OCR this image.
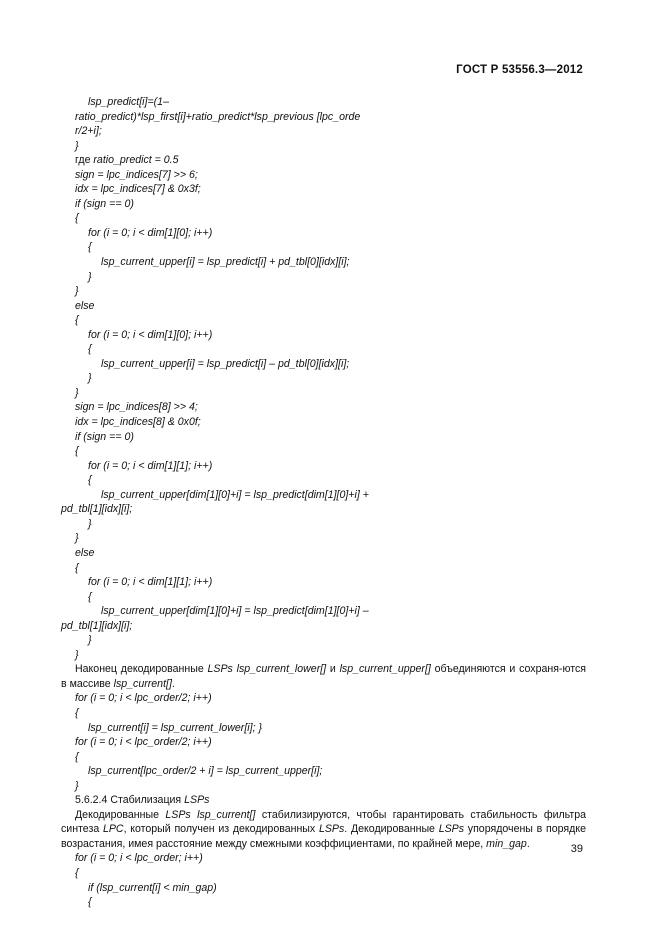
ГОСТ Р 53556.3—2012
lsp_predict[i]=(1–
ratio_predict)*lsp_first[i]+ratio_predict*lsp_previous [lpc_orde
r/2+i];
}
где ratio_predict = 0.5
sign = lpc_indices[7] >> 6;
idx = lpc_indices[7] & 0x3f;
if (sign == 0)
{
for (i = 0; i < dim[1][0]; i++)
{
lsp_current_upper[i] = lsp_predict[i] + pd_tbl[0][idx][i];
}
}
else
{
for (i = 0; i < dim[1][0]; i++)
{
lsp_current_upper[i] = lsp_predict[i] – pd_tbl[0][idx][i];
}
}
sign = lpc_indices[8] >> 4;
idx = lpc_indices[8] & 0x0f;
if (sign == 0)
{
for (i = 0; i < dim[1][1]; i++)
{
lsp_current_upper[dim[1][0]+i] = lsp_predict[dim[1][0]+i] +
pd_tbl[1][idx][i];
}
}
else
{
for (i = 0; i < dim[1][1]; i++)
{
lsp_current_upper[dim[1][0]+i] = lsp_predict[dim[1][0]+i] –
pd_tbl[1][idx][i];
}
}
Наконец декодированные LSPs lsp_current_lower[] и lsp_current_upper[] объединяются и сохраня-ются в массиве lsp_current[].
for (i = 0; i < lpc_order/2; i++)
{
lsp_current[i] = lsp_current_lower[i]; }
for (i = 0; i < lpc_order/2; i++)
{
lsp_current[lpc_order/2 + i] = lsp_current_upper[i];
}
5.6.2.4 Стабилизация LSPs
Декодированные LSPs lsp_current[] стабилизируются, чтобы гарантировать стабильность фильтра синтеза LPC, который получен из декодированных LSPs. Декодированные LSPs упорядочены в порядке возрастания, имея расстояние между смежными коэффициентами, по крайней мере, min_gap.
for (i = 0; i < lpc_order; i++)
{
if (lsp_current[i] < min_gap)
{
39
